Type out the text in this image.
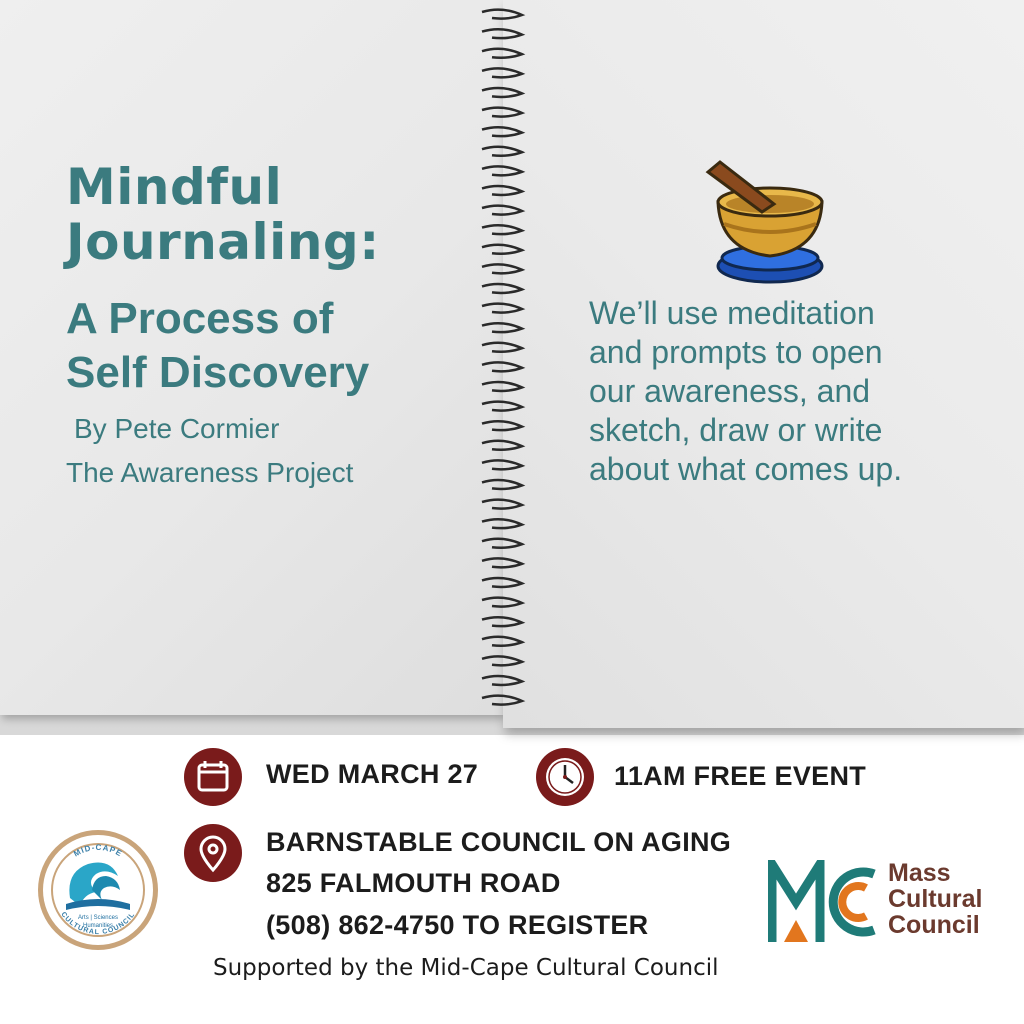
Mindful
Journaling:
A Process of
Self Discovery
By Pete Cormier
The Awareness Project

We’ll use meditation
and prompts to open
our awareness, and
sketch, draw or write
about what comes up.

WED MARCH 27	11AM FREE EVENT
BARNSTABLE COUNCIL ON AGING
825 FALMOUTH ROAD
(508) 862-4750 TO REGISTER
MID-CAPE
CULTURAL COUNCIL
Arts | Sciences
Humanities
Mass
Cultural
Council
Supported by the Mid-Cape Cultural Council
